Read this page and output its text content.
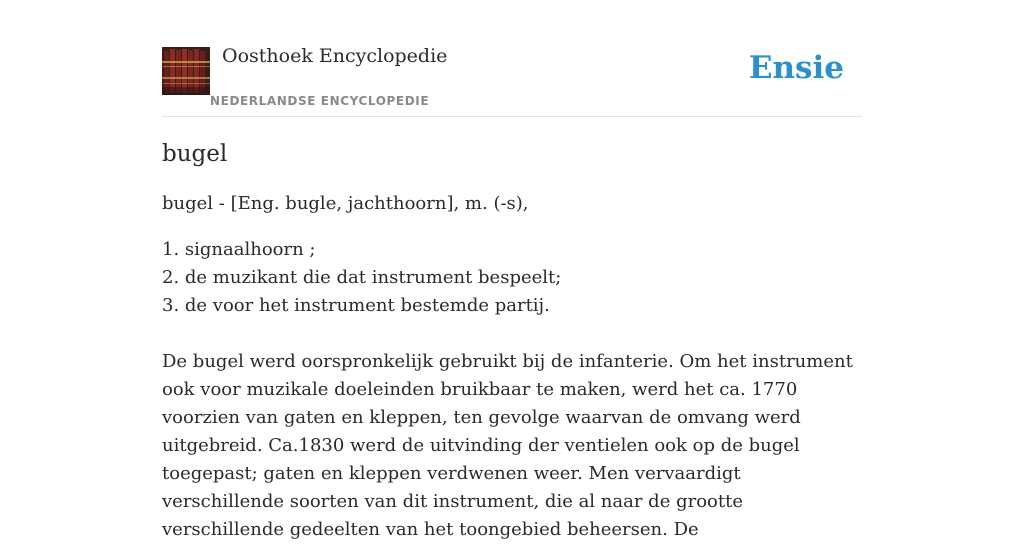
Oosthoek Encyclopedie
NEDERLANDSE ENCYCLOPEDIE
Ensie
bugel

bugel - [Eng. bugle, jachthoorn], m. (-s),

1. signaalhoorn ;
2. de muzikant die dat instrument bespeelt;
3. de voor het instrument bestemde partij.

De bugel werd oorspronkelijk gebruikt bij de infanterie. Om het instrument ook voor muzikale doeleinden bruikbaar te maken, werd het ca. 1770 voorzien van gaten en kleppen, ten gevolge waarvan de omvang werd uitgebreid. Ca.1830 werd de uitvinding der ventielen ook op de bugel toegepast; gaten en kleppen verdwenen weer. Men vervaardigt verschillende soorten van dit instrument, die al naar de grootte verschillende gedeelten van het toongebied beheersen. De
